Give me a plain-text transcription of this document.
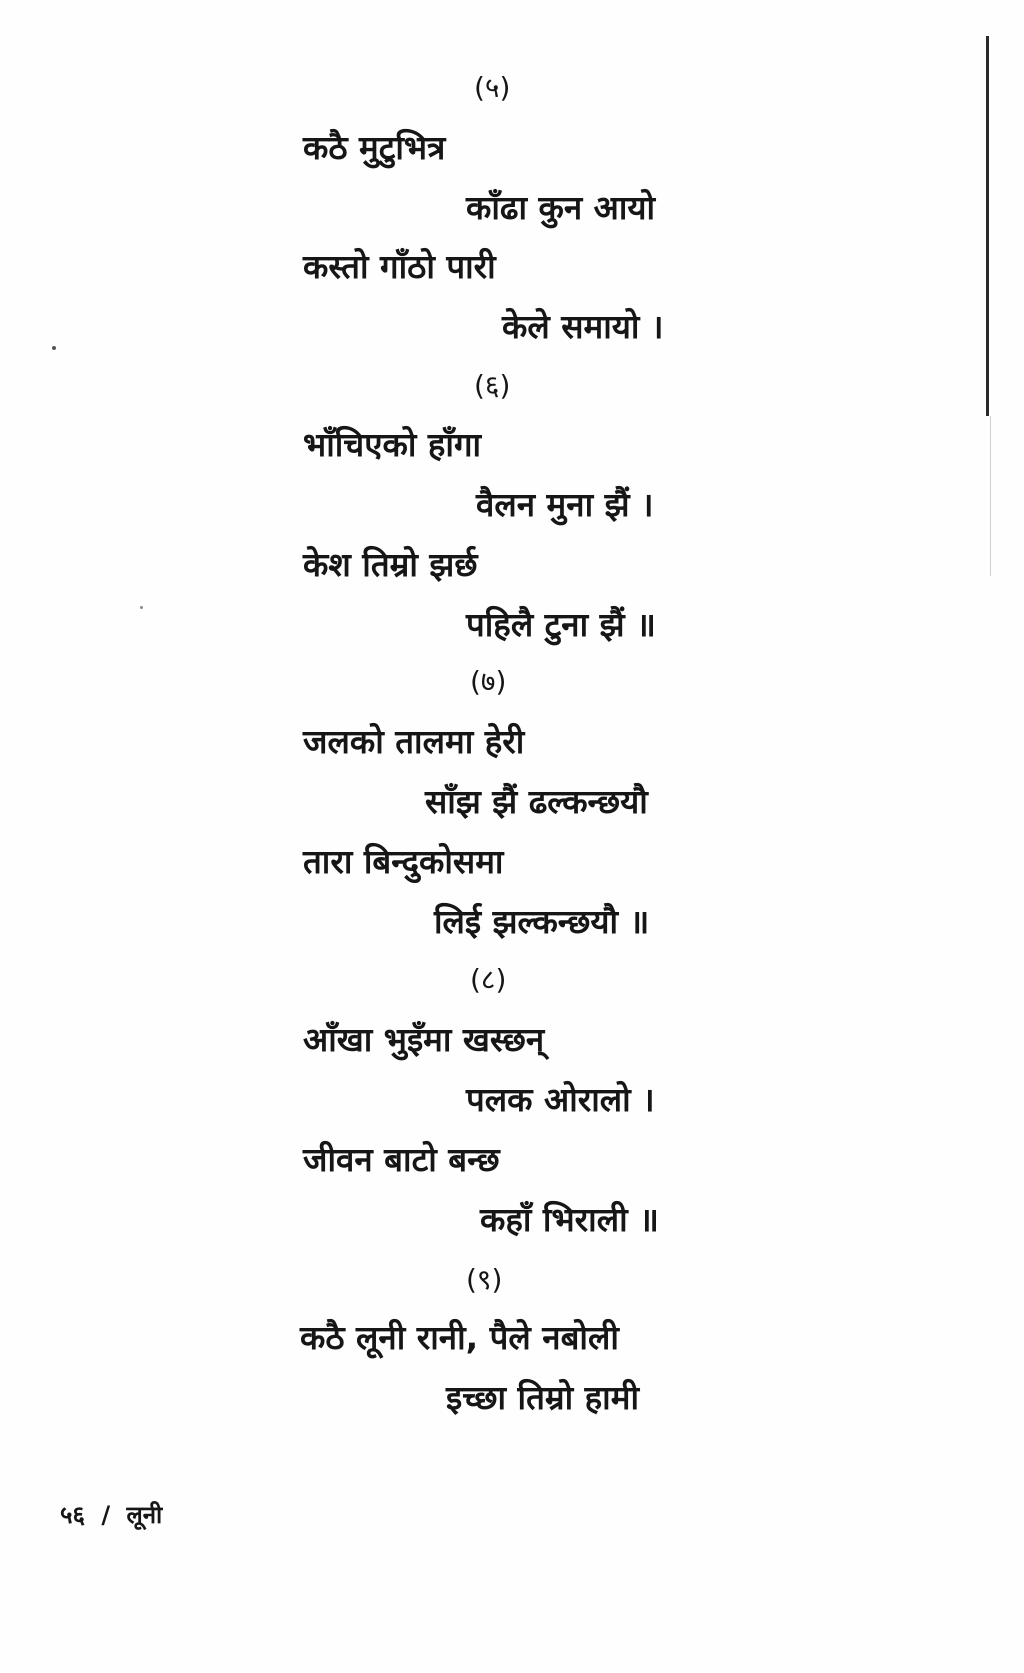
(५)
कठै मुटुभित्र
काँढा कुन आयो
कस्तो गाँठो पारी
केले समायो ।
(६)
भाँचिएको हाँगा
वैलन मुना झैं ।
केश तिम्रो झर्छ
पहिलै टुना झैं ॥
(७)
जलको तालमा हेरी
साँझ झैं ढल्कन्छयौ
तारा बिन्दुकोसमा
लिई झल्कन्छयौ ॥
(८)
आँखा भुइँमा खस्छन्
पलक ओरालो ।
जीवन बाटो बन्छ
कहाँ भिराली ॥
(९)
कठै लूनी रानी, पैले नबोली
इच्छा तिम्रो हामी
५६ / लूनी
